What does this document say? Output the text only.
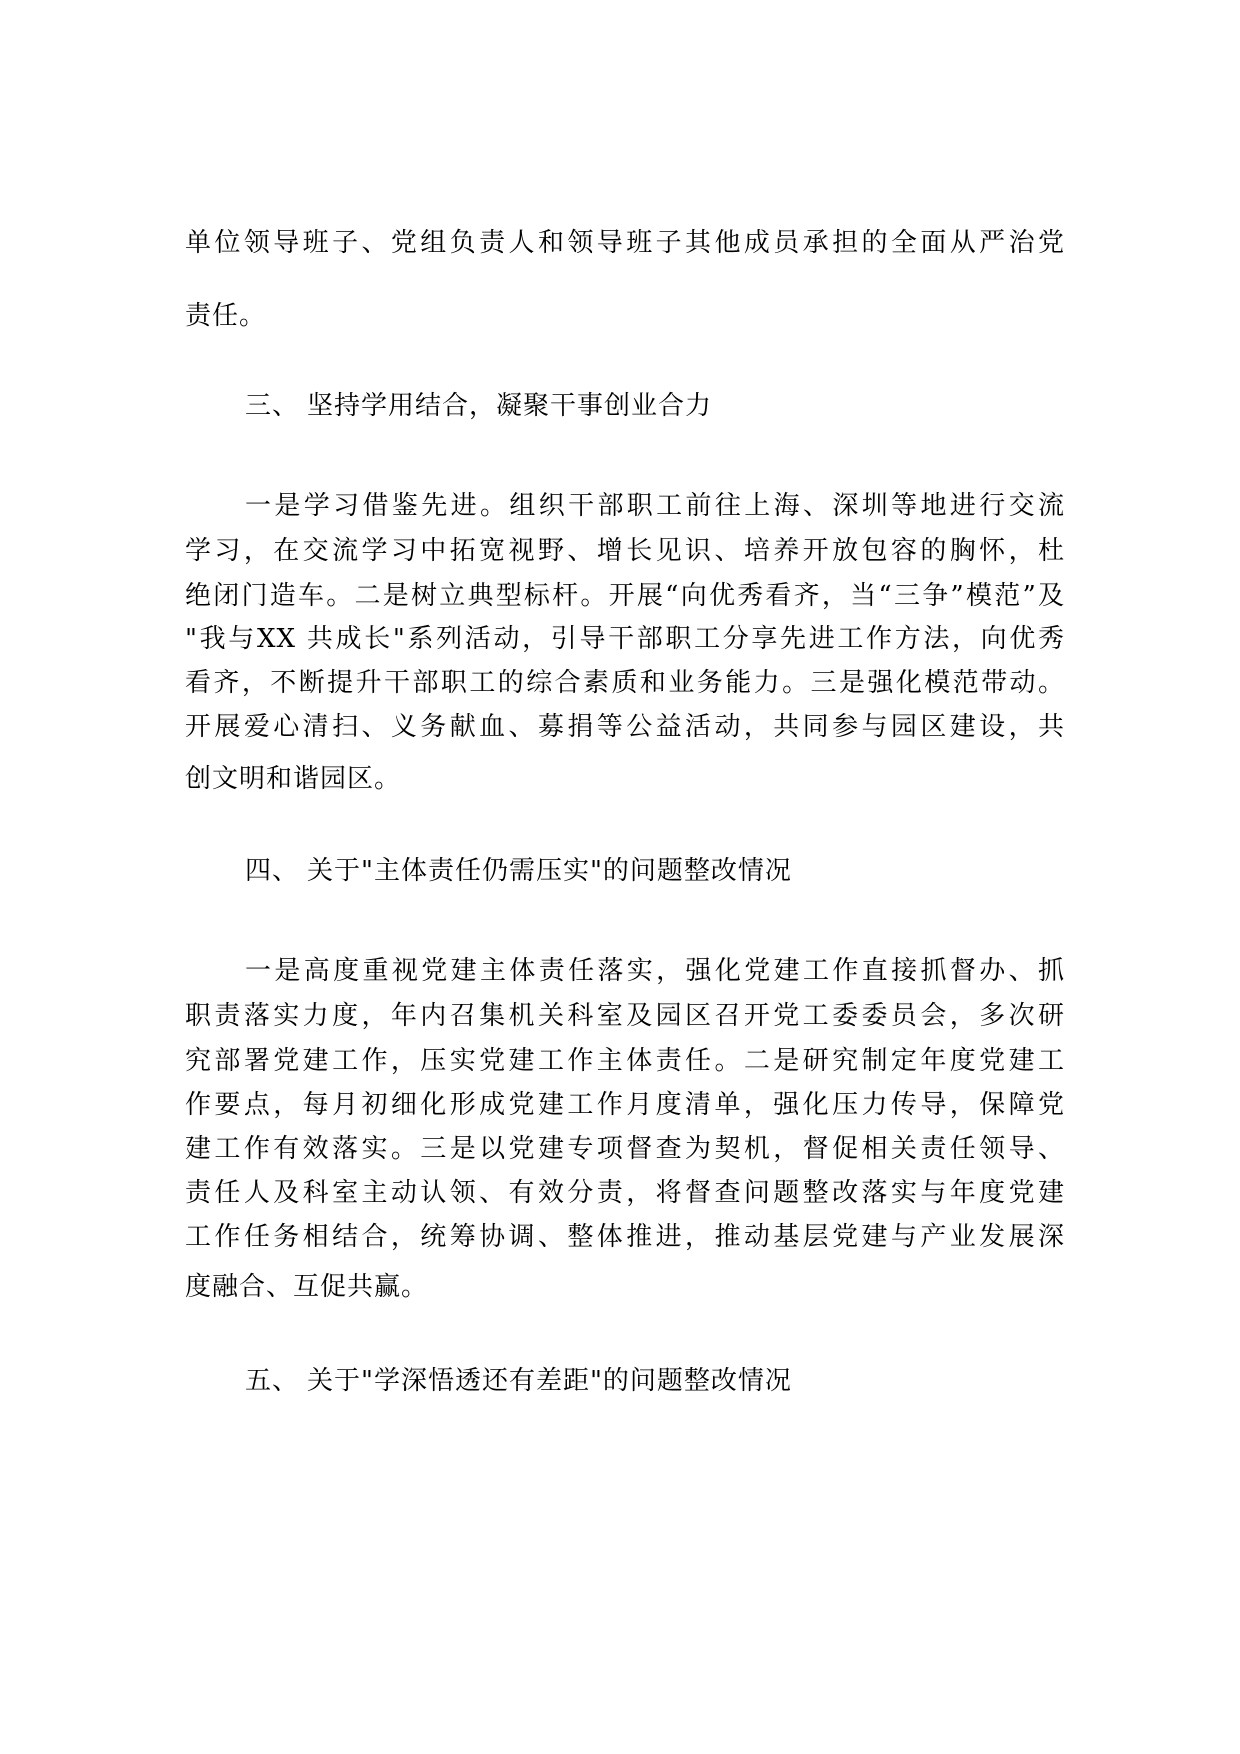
单位领导班子、党组负责人和领导班子其他成员承担的全面从严治党
责任。
三、 坚持学用结合，凝聚干事创业合力
一是学习借鉴先进。组织干部职工前往上海、深圳等地进行交流
学习，在交流学习中拓宽视野、增长见识、培养开放包容的胸怀，杜
绝闭门造车。二是树立典型标杆。开展“向优秀看齐，当“三争”模范”及
"我与XX 共成长"系列活动，引导干部职工分享先进工作方法，向优秀
看齐，不断提升干部职工的综合素质和业务能力。三是强化模范带动。
开展爱心清扫、义务献血、募捐等公益活动，共同参与园区建设，共
创文明和谐园区。
四、 关于"主体责任仍需压实"的问题整改情况
一是高度重视党建主体责任落实，强化党建工作直接抓督办、抓
职责落实力度，年内召集机关科室及园区召开党工委委员会，多次研
究部署党建工作，压实党建工作主体责任。二是研究制定年度党建工
作要点，每月初细化形成党建工作月度清单，强化压力传导，保障党
建工作有效落实。三是以党建专项督查为契机，督促相关责任领导、
责任人及科室主动认领、有效分责，将督查问题整改落实与年度党建
工作任务相结合，统筹协调、整体推进，推动基层党建与产业发展深
度融合、互促共赢。
五、 关于"学深悟透还有差距"的问题整改情况
